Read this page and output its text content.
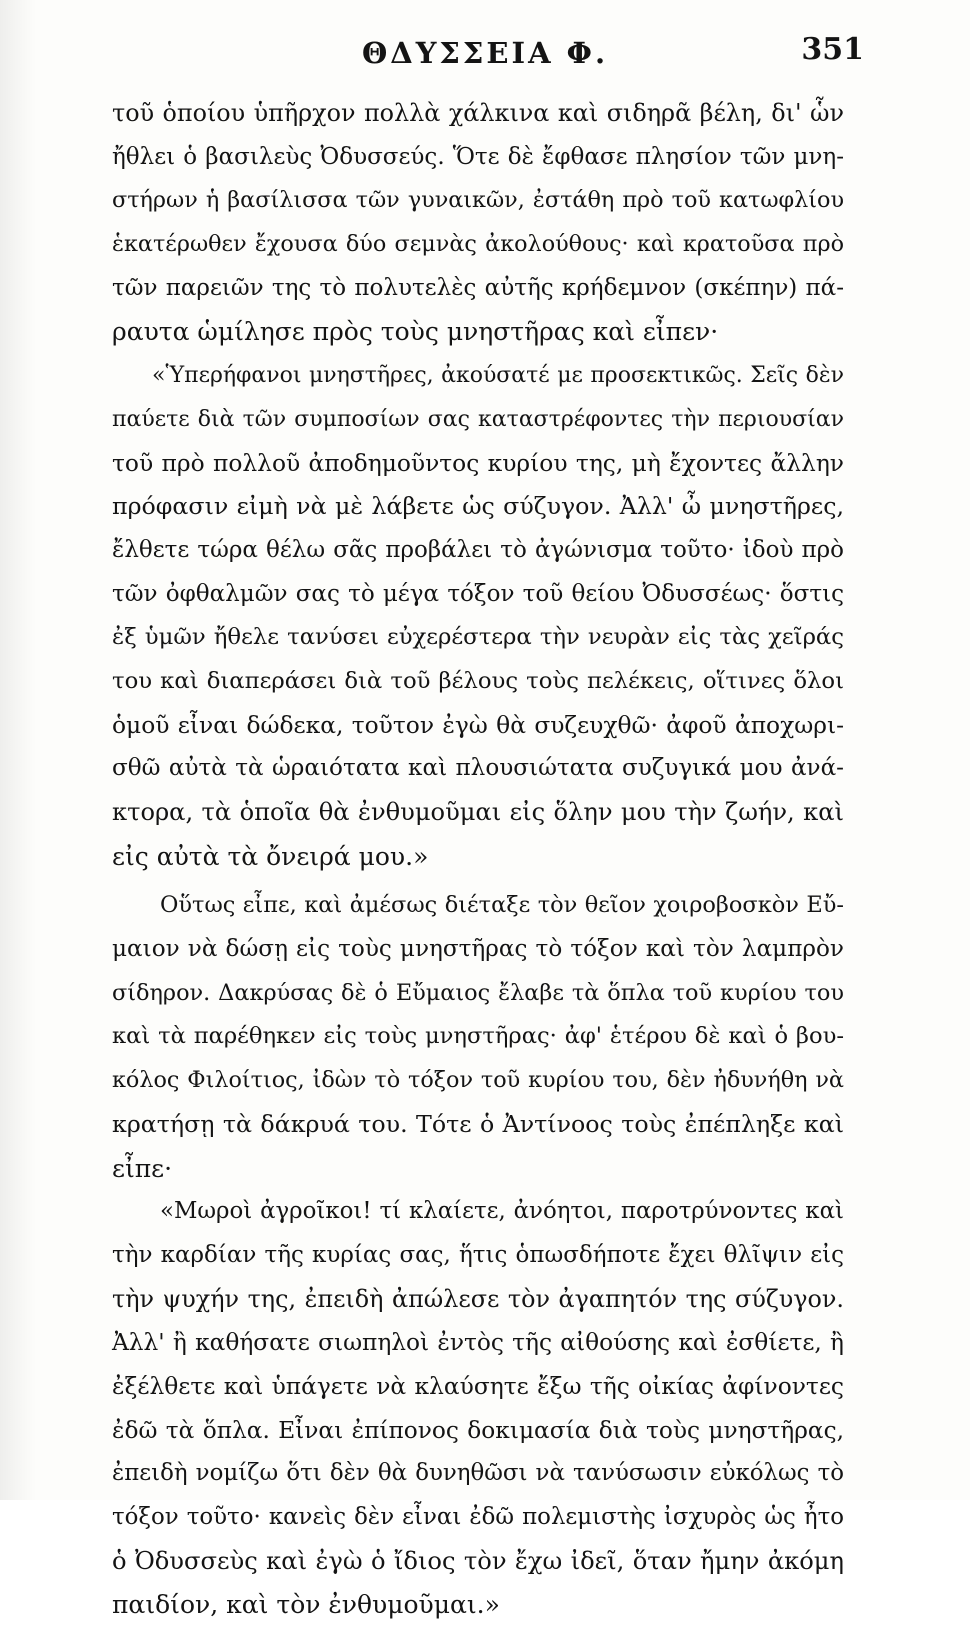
ΘΔΥΣΣΕΙΑ Φ.	351
τοῦ ὁποίου ὑπῆρχον πολλὰ χάλκινα καὶ σιδηρᾶ βέλη, δι' ὧν
ἤθλει ὁ βασιλεὺς Ὀδυσσεύς. Ὅτε δὲ ἔφθασε πλησίον τῶν μνη-
στήρων ἡ βασίλισσα τῶν γυναικῶν, ἐστάθη πρὸ τοῦ κατωφλίου
ἑκατέρωθεν ἔχουσα δύο σεμνὰς ἀκολούθους· καὶ κρατοῦσα πρὸ
τῶν παρειῶν της τὸ πολυτελὲς αὐτῆς κρήδεμνον (σκέπην) πά-
ραυτα ὡμίλησε πρὸς τοὺς μνηστῆρας καὶ εἶπεν·
«Ὑπερήφανοι μνηστῆρες, ἀκούσατέ με προσεκτικῶς. Σεῖς δὲν
παύετε διὰ τῶν συμποσίων σας καταστρέφοντες τὴν περιουσίαν
τοῦ πρὸ πολλοῦ ἀποδημοῦντος κυρίου της, μὴ ἔχοντες ἄλλην
πρόφασιν εἰμὴ νὰ μὲ λάβετε ὡς σύζυγον. Ἀλλ' ὦ μνηστῆρες,
ἔλθετε τώρα θέλω σᾶς προβάλει τὸ ἀγώνισμα τοῦτο· ἰδοὺ πρὸ
τῶν ὀφθαλμῶν σας τὸ μέγα τόξον τοῦ θείου Ὀδυσσέως· ὅστις
ἐξ ὑμῶν ἤθελε τανύσει εὐχερέστερα τὴν νευρὰν εἰς τὰς χεῖράς
του καὶ διαπεράσει διὰ τοῦ βέλους τοὺς πελέκεις, οἵτινες ὅλοι
ὁμοῦ εἶναι δώδεκα, τοῦτον ἐγὼ θὰ συζευχθῶ· ἀφοῦ ἀποχωρι-
σθῶ αὐτὰ τὰ ὡραιότατα καὶ πλουσιώτατα συζυγικά μου ἀνά-
κτορα, τὰ ὁποῖα θὰ ἐνθυμοῦμαι εἰς ὅλην μου τὴν ζωήν, καὶ
εἰς αὐτὰ τὰ ὄνειρά μου.»
Οὕτως εἶπε, καὶ ἀμέσως διέταξε τὸν θεῖον χοιροβοσκὸν Εὔ-
μαιον νὰ δώσῃ εἰς τοὺς μνηστῆρας τὸ τόξον καὶ τὸν λαμπρὸν
σίδηρον. Δακρύσας δὲ ὁ Εὔμαιος ἔλαβε τὰ ὅπλα τοῦ κυρίου του
καὶ τὰ παρέθηκεν εἰς τοὺς μνηστῆρας· ἀφ' ἑτέρου δὲ καὶ ὁ βου-
κόλος Φιλοίτιος, ἰδὼν τὸ τόξον τοῦ κυρίου του, δὲν ἠδυνήθη νὰ
κρατήσῃ τὰ δάκρυά του. Τότε ὁ Ἀντίνοος τοὺς ἐπέπληξε καὶ
εἶπε·
«Μωροὶ ἀγροῖκοι! τί κλαίετε, ἀνόητοι, παροτρύνοντες καὶ
τὴν καρδίαν τῆς κυρίας σας, ἥτις ὁπωσδήποτε ἔχει θλῖψιν εἰς
τὴν ψυχήν της, ἐπειδὴ ἀπώλεσε τὸν ἀγαπητόν της σύζυγον.
Ἀλλ' ἢ καθήσατε σιωπηλοὶ ἐντὸς τῆς αἰθούσης καὶ ἐσθίετε, ἢ
ἐξέλθετε καὶ ὑπάγετε νὰ κλαύσητε ἔξω τῆς οἰκίας ἀφίνοντες
ἐδῶ τὰ ὅπλα. Εἶναι ἐπίπονος δοκιμασία διὰ τοὺς μνηστῆρας,
ἐπειδὴ νομίζω ὅτι δὲν θὰ δυνηθῶσι νὰ τανύσωσιν εὐκόλως τὸ
τόξον τοῦτο· κανεὶς δὲν εἶναι ἐδῶ πολεμιστὴς ἰσχυρὸς ὡς ἦτο
ὁ Ὀδυσσεὺς καὶ ἐγὼ ὁ ἴδιος τὸν ἔχω ἰδεῖ, ὅταν ἤμην ἀκόμη
παιδίον, καὶ τὸν ἐνθυμοῦμαι.»
